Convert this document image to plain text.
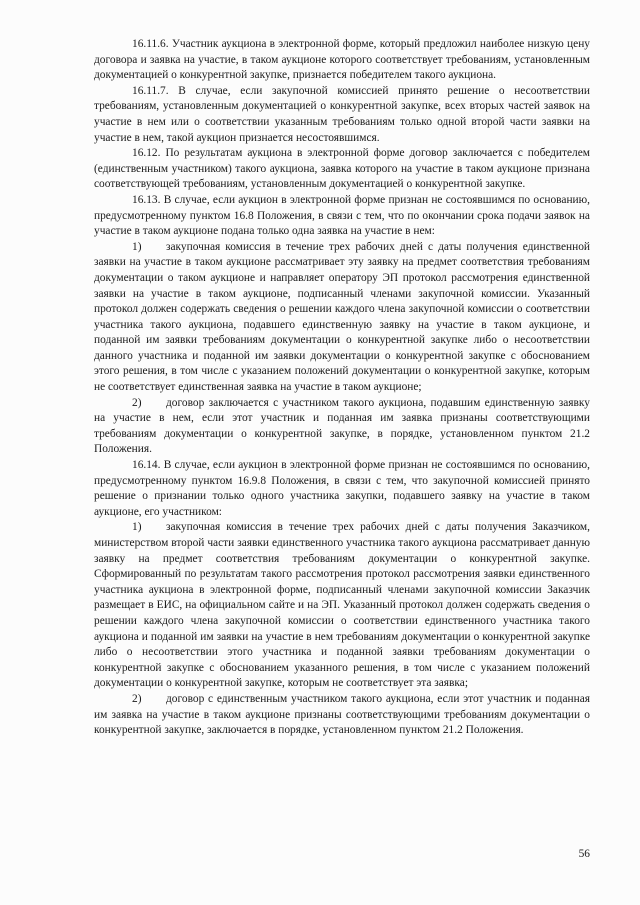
16.11.6. Участник аукциона в электронной форме, который предложил наиболее низкую цену договора и заявка на участие, в таком аукционе которого соответствует требованиям, установленным документацией о конкурентной закупке, признается победителем такого аукциона.

16.11.7. В случае, если закупочной комиссией принято решение о несоответствии требованиям, установленным документацией о конкурентной закупке, всех вторых частей заявок на участие в нем или о соответствии указанным требованиям только одной второй части заявки на участие в нем, такой аукцион признается несостоявшимся.

16.12. По результатам аукциона в электронной форме договор заключается с победителем (единственным участником) такого аукциона, заявка которого на участие в таком аукционе признана соответствующей требованиям, установленным документацией о конкурентной закупке.

16.13. В случае, если аукцион в электронной форме признан не состоявшимся по основанию, предусмотренному пунктом 16.8 Положения, в связи с тем, что по окончании срока подачи заявок на участие в таком аукционе подана только одна заявка на участие в нем:

1) закупочная комиссия в течение трех рабочих дней с даты получения единственной заявки на участие в таком аукционе рассматривает эту заявку на предмет соответствия требованиям документации о таком аукционе и направляет оператору ЭП протокол рассмотрения единственной заявки на участие в таком аукционе, подписанный членами закупочной комиссии. Указанный протокол должен содержать сведения о решении каждого члена закупочной комиссии о соответствии участника такого аукциона, подавшего единственную заявку на участие в таком аукционе, и поданной им заявки требованиям документации о конкурентной закупке либо о несоответствии данного участника и поданной им заявки документации о конкурентной закупке с обоснованием этого решения, в том числе с указанием положений документации о конкурентной закупке, которым не соответствует единственная заявка на участие в таком аукционе;

2) договор заключается с участником такого аукциона, подавшим единственную заявку на участие в нем, если этот участник и поданная им заявка признаны соответствующими требованиям документации о конкурентной закупке, в порядке, установленном пунктом 21.2 Положения.

16.14. В случае, если аукцион в электронной форме признан не состоявшимся по основанию, предусмотренному пунктом 16.9.8 Положения, в связи с тем, что закупочной комиссией принято решение о признании только одного участника закупки, подавшего заявку на участие в таком аукционе, его участником:

1) закупочная комиссия в течение трех рабочих дней с даты получения Заказчиком, министерством второй части заявки единственного участника такого аукциона рассматривает данную заявку на предмет соответствия требованиям документации о конкурентной закупке. Сформированный по результатам такого рассмотрения протокол рассмотрения заявки единственного участника аукциона в электронной форме, подписанный членами закупочной комиссии Заказчик размещает в ЕИС, на официальном сайте и на ЭП. Указанный протокол должен содержать сведения о решении каждого члена закупочной комиссии о соответствии единственного участника такого аукциона и поданной им заявки на участие в нем требованиям документации о конкурентной закупке либо о несоответствии этого участника и поданной заявки требованиям документации о конкурентной закупке с обоснованием указанного решения, в том числе с указанием положений документации о конкурентной закупке, которым не соответствует эта заявка;

2) договор с единственным участником такого аукциона, если этот участник и поданная им заявка на участие в таком аукционе признаны соответствующими требованиям документации о конкурентной закупке, заключается в порядке, установленном пунктом 21.2 Положения.

56
